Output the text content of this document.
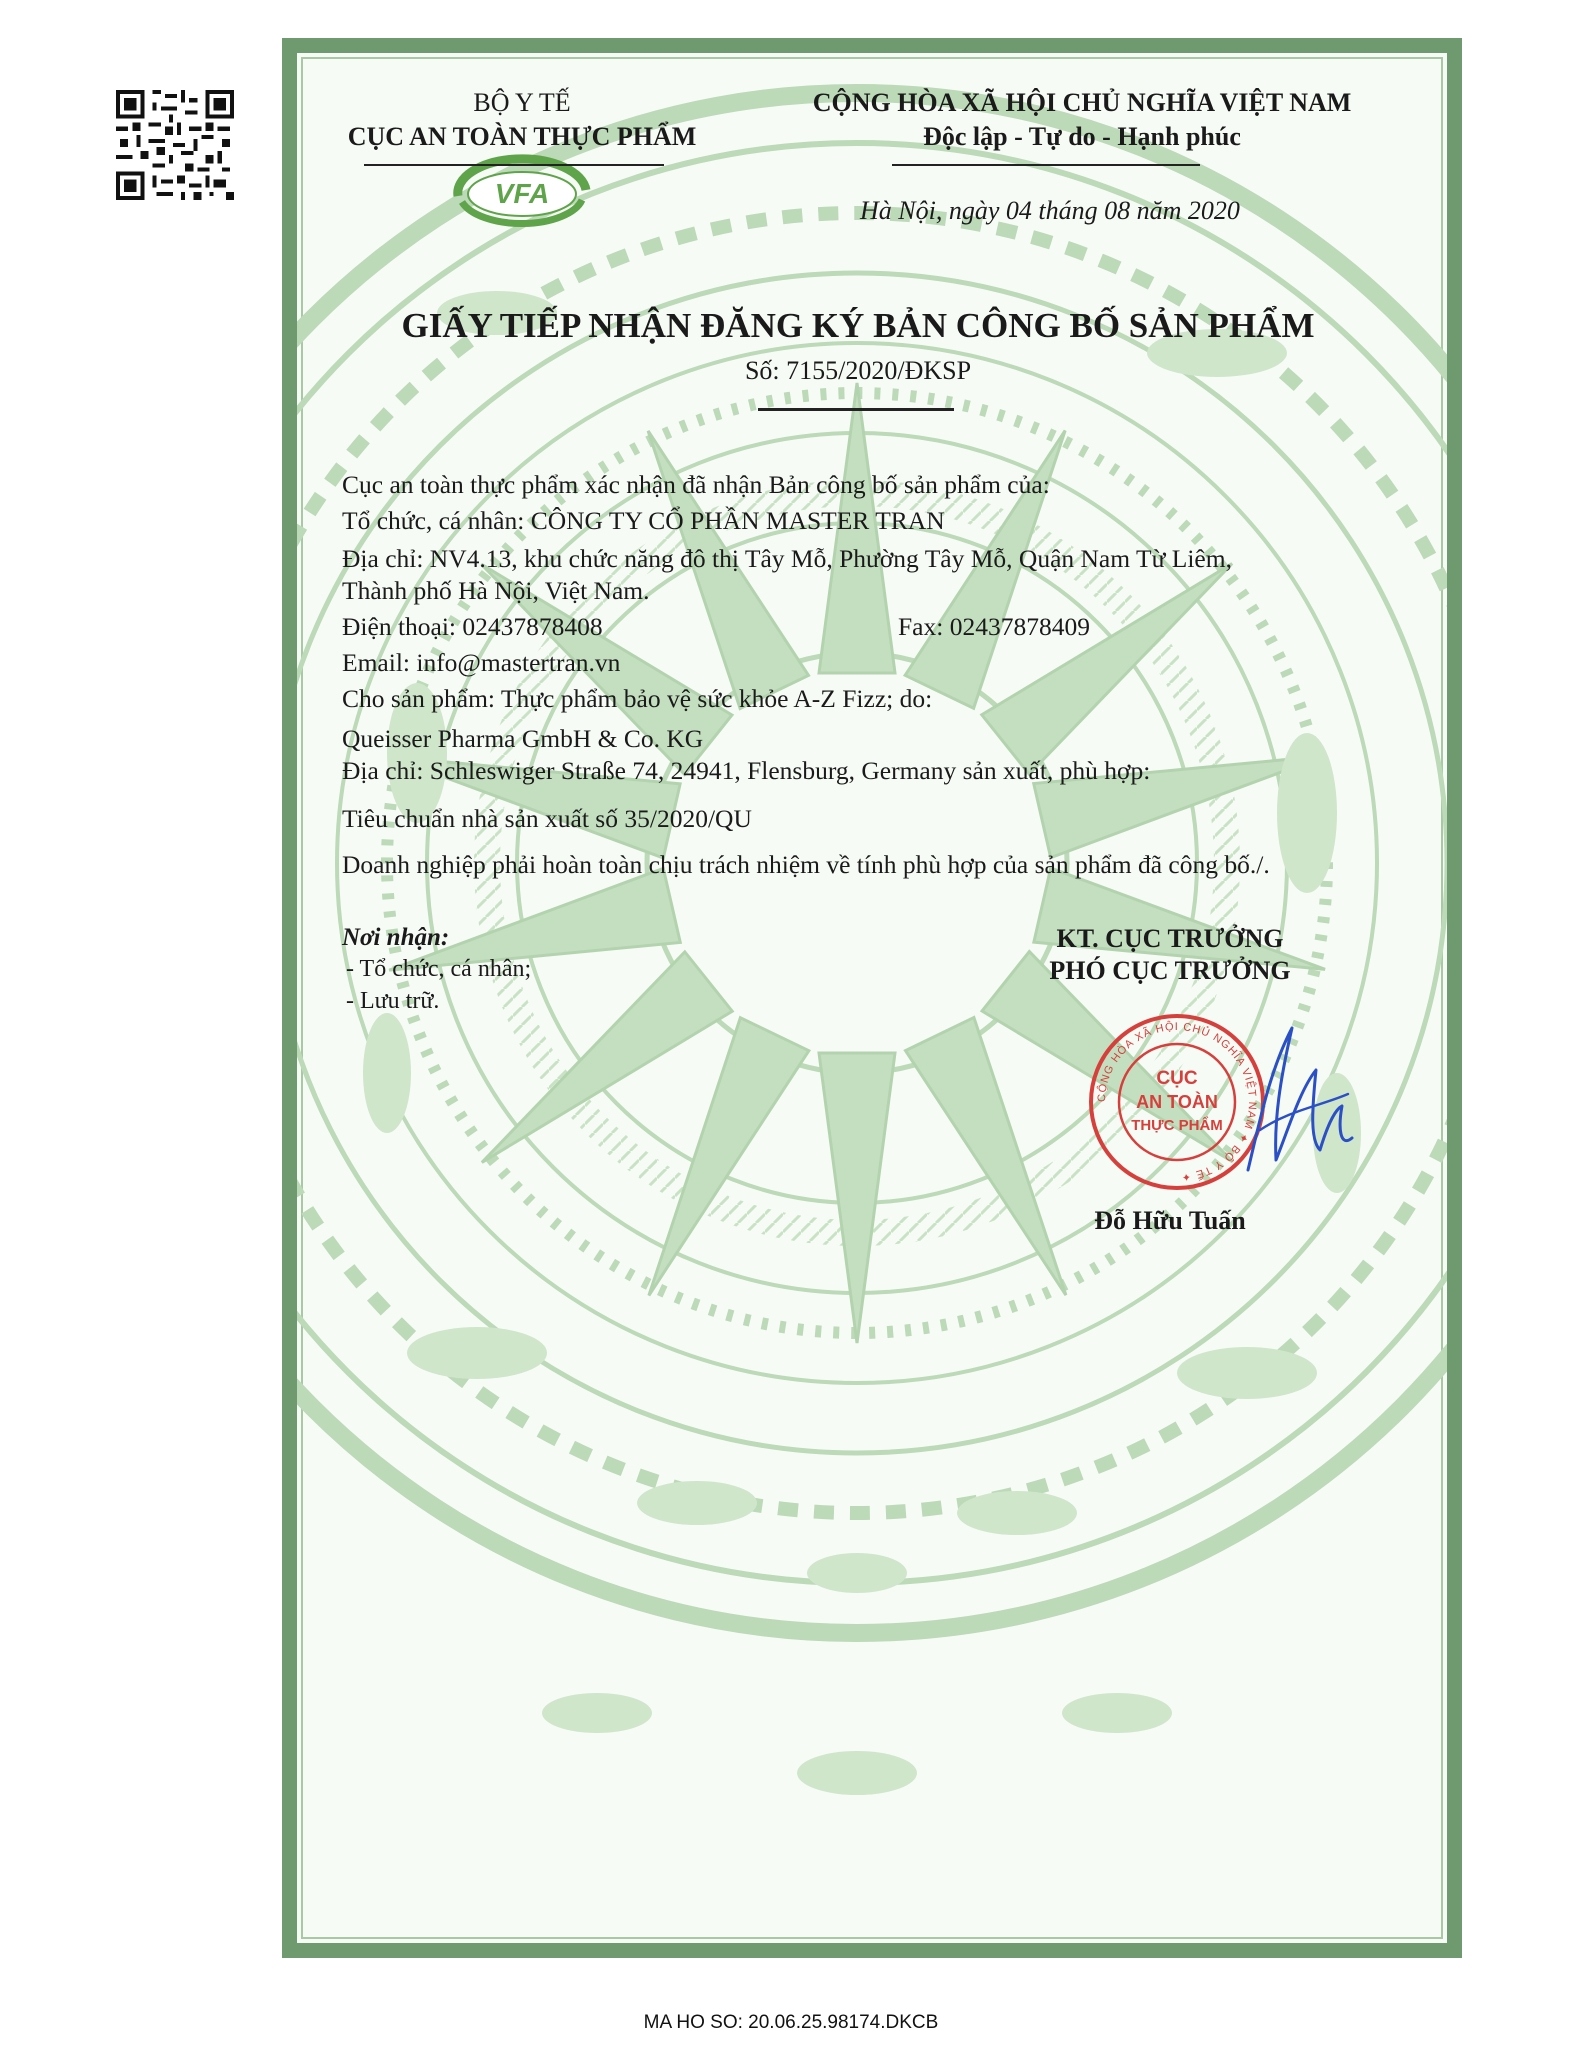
VFA
BỘ Y TẾ
CỤC AN TOÀN THỰC PHẨM
CỘNG HÒA XÃ HỘI CHỦ NGHĨA VIỆT NAM
Độc lập - Tự do - Hạnh phúc
Hà Nội, ngày 04 tháng 08 năm 2020
GIẤY TIẾP NHẬN ĐĂNG KÝ BẢN CÔNG BỐ SẢN PHẨM
Số: 7155/2020/ĐKSP
Cục an toàn thực phẩm xác nhận đã nhận Bản công bố sản phẩm của:
Tổ chức, cá nhân: CÔNG TY CỔ PHẦN MASTER TRAN
Địa chỉ: NV4.13, khu chức năng đô thị Tây Mỗ, Phường Tây Mỗ, Quận Nam Từ Liêm,
Thành phố Hà Nội, Việt Nam.
Điện thoại: 02437878408	Fax: 02437878409
Email: info@mastertran.vn
Cho sản phẩm: Thực phẩm bảo vệ sức khỏe A-Z Fizz; do:
Queisser Pharma GmbH & Co. KG
Địa chỉ: Schleswiger Straße 74, 24941, Flensburg, Germany sản xuất, phù hợp:
Tiêu chuẩn nhà sản xuất số 35/2020/QU
Doanh nghiệp phải hoàn toàn chịu trách nhiệm về tính phù hợp của sản phẩm đã công bố./.
Nơi nhận:
- Tổ chức, cá nhân;
- Lưu trữ.
KT. CỤC TRƯỞNG
PHÓ CỤC TRƯỞNG
CỘNG HÒA XÃ HỘI CHỦ NGHĨA VIỆT NAM ✦ BỘ Y TẾ ✦
CỤC
AN TOÀN
THỰC PHẨM
Đỗ Hữu Tuấn
MA HO SO: 20.06.25.98174.DKCB
